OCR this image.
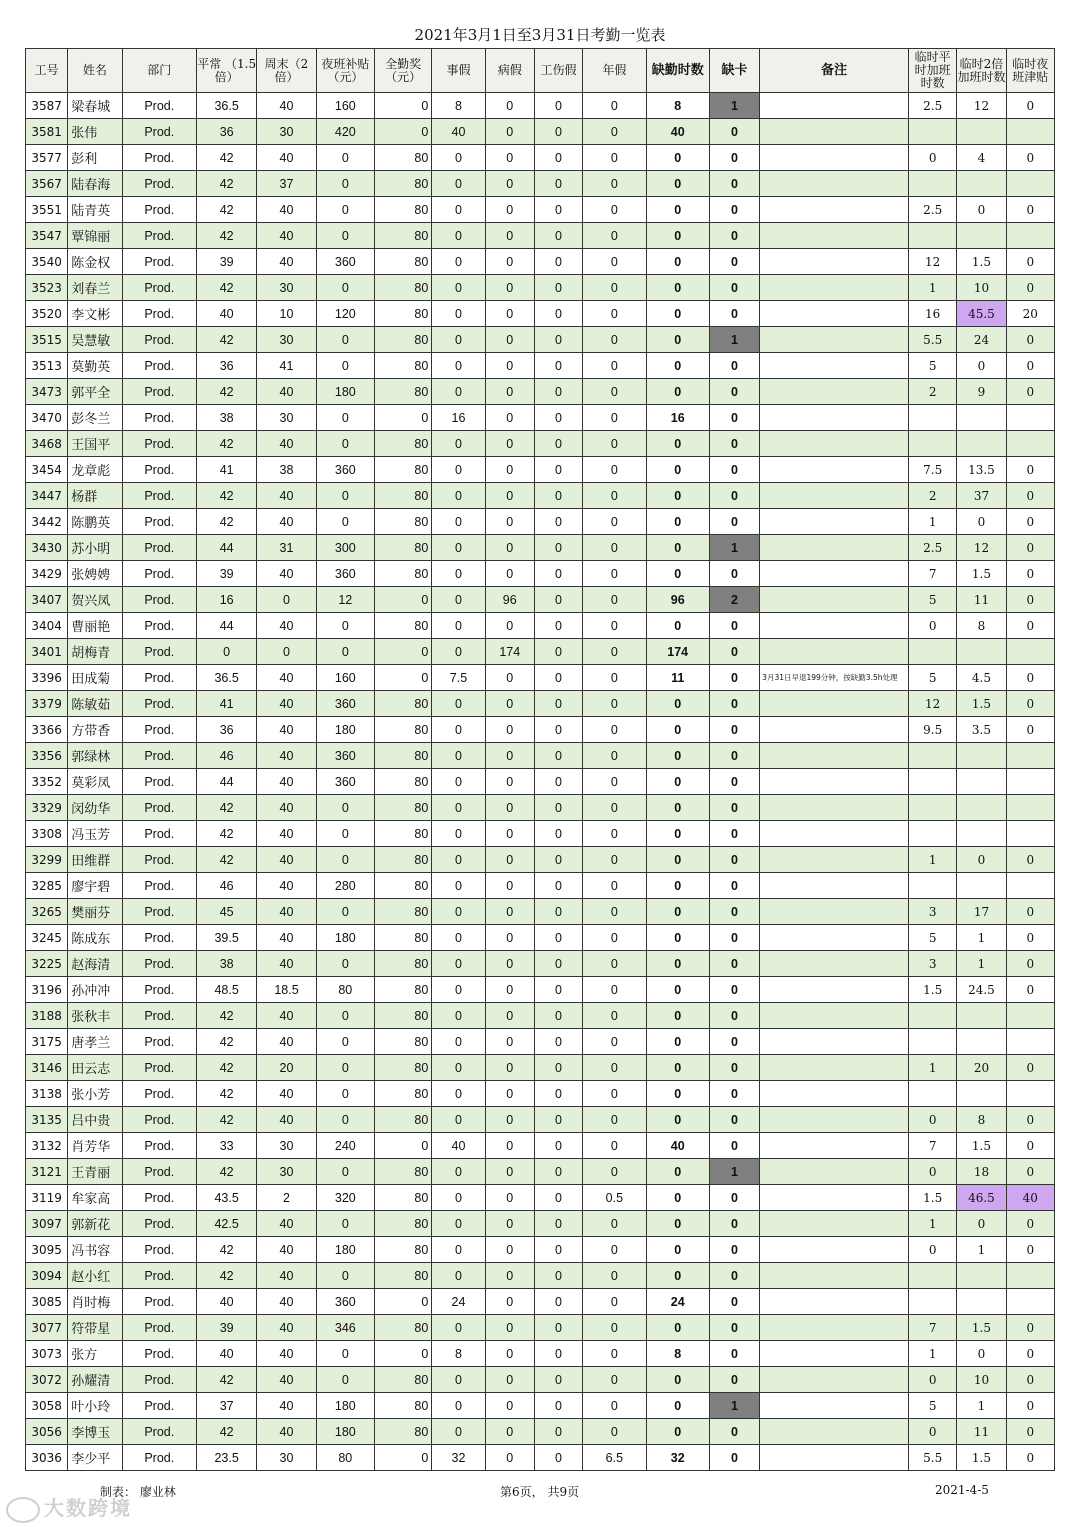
2021年3月1日至3月31日考勤一览表
工号	姓名	部门	平常 （1.5倍）	周末（2倍）	夜班补贴（元）	全勤奖（元）	事假	病假	工伤假	年假	缺勤时数	缺卡	备注	临时平时加班时数	临时2倍加班时数	临时夜班津贴
3587	梁春城	Prod.	36.5	40	160	0	8	0	0	0	8	1		2.5	12	0
3581	张伟	Prod.	36	30	420	0	40	0	0	0	40	0				
3577	彭利	Prod.	42	40	0	80	0	0	0	0	0	0		0	4	0
3567	陆春海	Prod.	42	37	0	80	0	0	0	0	0	0				
3551	陆青英	Prod.	42	40	0	80	0	0	0	0	0	0		2.5	0	0
3547	覃锦丽	Prod.	42	40	0	80	0	0	0	0	0	0				
3540	陈金权	Prod.	39	40	360	80	0	0	0	0	0	0		12	1.5	0
3523	刘春兰	Prod.	42	30	0	80	0	0	0	0	0	0		1	10	0
3520	李文彬	Prod.	40	10	120	80	0	0	0	0	0	0		16	45.5	20
3515	吴慧敏	Prod.	42	30	0	80	0	0	0	0	0	1		5.5	24	0
3513	莫勤英	Prod.	36	41	0	80	0	0	0	0	0	0		5	0	0
3473	郭平全	Prod.	42	40	180	80	0	0	0	0	0	0		2	9	0
3470	彭冬兰	Prod.	38	30	0	0	16	0	0	0	16	0				
3468	王国平	Prod.	42	40	0	80	0	0	0	0	0	0				
3454	龙章彪	Prod.	41	38	360	80	0	0	0	0	0	0		7.5	13.5	0
3447	杨群	Prod.	42	40	0	80	0	0	0	0	0	0		2	37	0
3442	陈鹏英	Prod.	42	40	0	80	0	0	0	0	0	0		1	0	0
3430	苏小明	Prod.	44	31	300	80	0	0	0	0	0	1		2.5	12	0
3429	张娉娉	Prod.	39	40	360	80	0	0	0	0	0	0		7	1.5	0
3407	贺兴凤	Prod.	16	0	12	0	0	96	0	0	96	2		5	11	0
3404	曹丽艳	Prod.	44	40	0	80	0	0	0	0	0	0		0	8	0
3401	胡梅青	Prod.	0	0	0	0	0	174	0	0	174	0				
3396	田成菊	Prod.	36.5	40	160	0	7.5	0	0	0	11	0	3月31日早退199分钟，按缺勤3.5h处理	5	4.5	0
3379	陈敏茹	Prod.	41	40	360	80	0	0	0	0	0	0		12	1.5	0
3366	方带香	Prod.	36	40	180	80	0	0	0	0	0	0		9.5	3.5	0
3356	郭绿林	Prod.	46	40	360	80	0	0	0	0	0	0				
3352	莫彩凤	Prod.	44	40	360	80	0	0	0	0	0	0				
3329	闵幼华	Prod.	42	40	0	80	0	0	0	0	0	0				
3308	冯玉芳	Prod.	42	40	0	80	0	0	0	0	0	0				
3299	田维群	Prod.	42	40	0	80	0	0	0	0	0	0		1	0	0
3285	廖宇碧	Prod.	46	40	280	80	0	0	0	0	0	0				
3265	樊丽芬	Prod.	45	40	0	80	0	0	0	0	0	0		3	17	0
3245	陈成东	Prod.	39.5	40	180	80	0	0	0	0	0	0		5	1	0
3225	赵海清	Prod.	38	40	0	80	0	0	0	0	0	0		3	1	0
3196	孙冲冲	Prod.	48.5	18.5	80	80	0	0	0	0	0	0		1.5	24.5	0
3188	张秋丰	Prod.	42	40	0	80	0	0	0	0	0	0				
3175	唐孝兰	Prod.	42	40	0	80	0	0	0	0	0	0				
3146	田云志	Prod.	42	20	0	80	0	0	0	0	0	0		1	20	0
3138	张小芳	Prod.	42	40	0	80	0	0	0	0	0	0				
3135	吕中贵	Prod.	42	40	0	80	0	0	0	0	0	0		0	8	0
3132	肖芳华	Prod.	33	30	240	0	40	0	0	0	40	0		7	1.5	0
3121	王青丽	Prod.	42	30	0	80	0	0	0	0	0	1		0	18	0
3119	牟家高	Prod.	43.5	2	320	80	0	0	0	0.5	0	0		1.5	46.5	40
3097	郭新花	Prod.	42.5	40	0	80	0	0	0	0	0	0		1	0	0
3095	冯书容	Prod.	42	40	180	80	0	0	0	0	0	0		0	1	0
3094	赵小红	Prod.	42	40	0	80	0	0	0	0	0	0				
3085	肖时梅	Prod.	40	40	360	0	24	0	0	0	24	0				
3077	符带星	Prod.	39	40	346	80	0	0	0	0	0	0		7	1.5	0
3073	张方	Prod.	40	40	0	0	8	0	0	0	8	0		1	0	0
3072	孙耀清	Prod.	42	40	0	80	0	0	0	0	0	0		0	10	0
3058	叶小玲	Prod.	37	40	180	80	0	0	0	0	0	1		5	1	0
3056	李博玉	Prod.	42	40	180	80	0	0	0	0	0	0		0	11	0
3036	李少平	Prod.	23.5	30	80	0	32	0	0	6.5	32	0		5.5	1.5	0
制表： 廖业林	第6页， 共9页	2021-4-5
大数跨境
